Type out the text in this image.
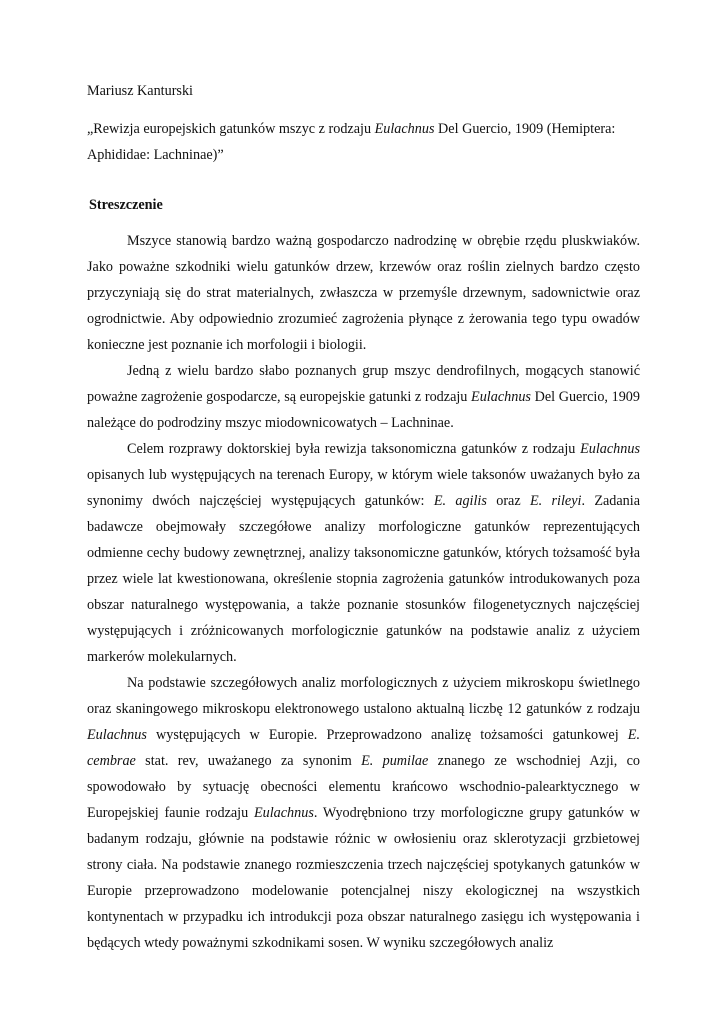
Mariusz Kanturski

„Rewizja europejskich gatunków mszyc z rodzaju Eulachnus Del Guercio, 1909 (Hemiptera: Aphididae: Lachninae)”

Streszczenie

Mszyce stanowią bardzo ważną gospodarczo nadrodzinę w obrębie rzędu pluskwiaków. Jako poważne szkodniki wielu gatunków drzew, krzewów oraz roślin zielnych bardzo często przyczyniają się do strat materialnych, zwłaszcza w przemyśle drzewnym, sadownictwie oraz ogrodnictwie. Aby odpowiednio zrozumieć zagrożenia płynące z żerowania tego typu owadów konieczne jest poznanie ich morfologii i biologii.

Jedną z wielu bardzo słabo poznanych grup mszyc dendrofilnych, mogących stanowić poważne zagrożenie gospodarcze, są europejskie gatunki z rodzaju Eulachnus Del Guercio, 1909 należące do podrodziny mszyc miodownicowatych – Lachninae.

Celem rozprawy doktorskiej była rewizja taksonomiczna gatunków z rodzaju Eulachnus opisanych lub występujących na terenach Europy, w którym wiele taksonów uważanych było za synonimy dwóch najczęściej występujących gatunków: E. agilis oraz E. rileyi. Zadania badawcze obejmowały szczegółowe analizy morfologiczne gatunków reprezentujących odmienne cechy budowy zewnętrznej, analizy taksonomiczne gatunków, których tożsamość była przez wiele lat kwestionowana, określenie stopnia zagrożenia gatunków introdukowanych poza obszar naturalnego występowania, a także poznanie stosunków filogenetycznych najczęściej występujących i zróżnicowanych morfologicznie gatunków na podstawie analiz z użyciem markerów molekularnych.

Na podstawie szczegółowych analiz morfologicznych z użyciem mikroskopu świetlnego oraz skaningowego mikroskopu elektronowego ustalono aktualną liczbę 12 gatunków z rodzaju Eulachnus występujących w Europie. Przeprowadzono analizę tożsamości gatunkowej E. cembrae stat. rev, uważanego za synonim E. pumilae znanego ze wschodniej Azji, co spowodowało by sytuację obecności elementu krańcowo wschodnio-palearktycznego w Europejskiej faunie rodzaju Eulachnus. Wyodrębniono trzy morfologiczne grupy gatunków w badanym rodzaju, głównie na podstawie różnic w owłosieniu oraz sklerotyzacji grzbietowej strony ciała. Na podstawie znanego rozmieszczenia trzech najczęściej spotykanych gatunków w Europie przeprowadzono modelowanie potencjalnej niszy ekologicznej na wszystkich kontynentach w przypadku ich introdukcji poza obszar naturalnego zasięgu ich występowania i będących wtedy poważnymi szkodnikami sosen. W wyniku szczegółowych analiz
